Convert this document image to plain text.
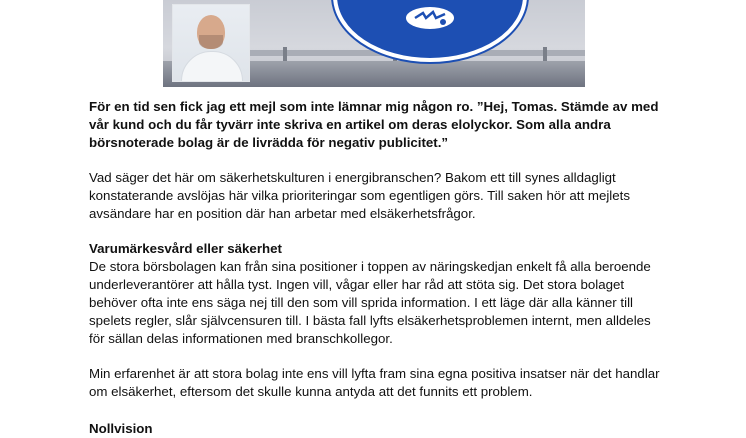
För en tid sen fick jag ett mejl som inte lämnar mig någon ro. ”Hej, Tomas. Stämde av med
vår kund och du får tyvärr inte skriva en artikel om deras elolyckor. Som alla andra
börsnoterade bolag är de livrädda för negativ publicitet.”

Vad säger det här om säkerhetskulturen i energibranschen? Bakom ett till synes alldagligt
konstaterande avslöjas här vilka prioriteringar som egentligen görs. Till saken hör att mejlets
avsändare har en position där han arbetar med elsäkerhetsfrågor.

Varumärkesvård eller säkerhet

De stora börsbolagen kan från sina positioner i toppen av näringskedjan enkelt få alla beroende
underleverantörer att hålla tyst. Ingen vill, vågar eller har råd att stöta sig. Det stora bolaget
behöver ofta inte ens säga nej till den som vill sprida information. I ett läge där alla känner till
spelets regler, slår självcensuren till. I bästa fall lyfts elsäkerhetsproblemen internt, men alldeles
för sällan delas informationen med branschkollegor.

Min erfarenhet är att stora bolag inte ens vill lyfta fram sina egna positiva insatser när det handlar
om elsäkerhet, eftersom det skulle kunna antyda att det funnits ett problem.

Nollvision
